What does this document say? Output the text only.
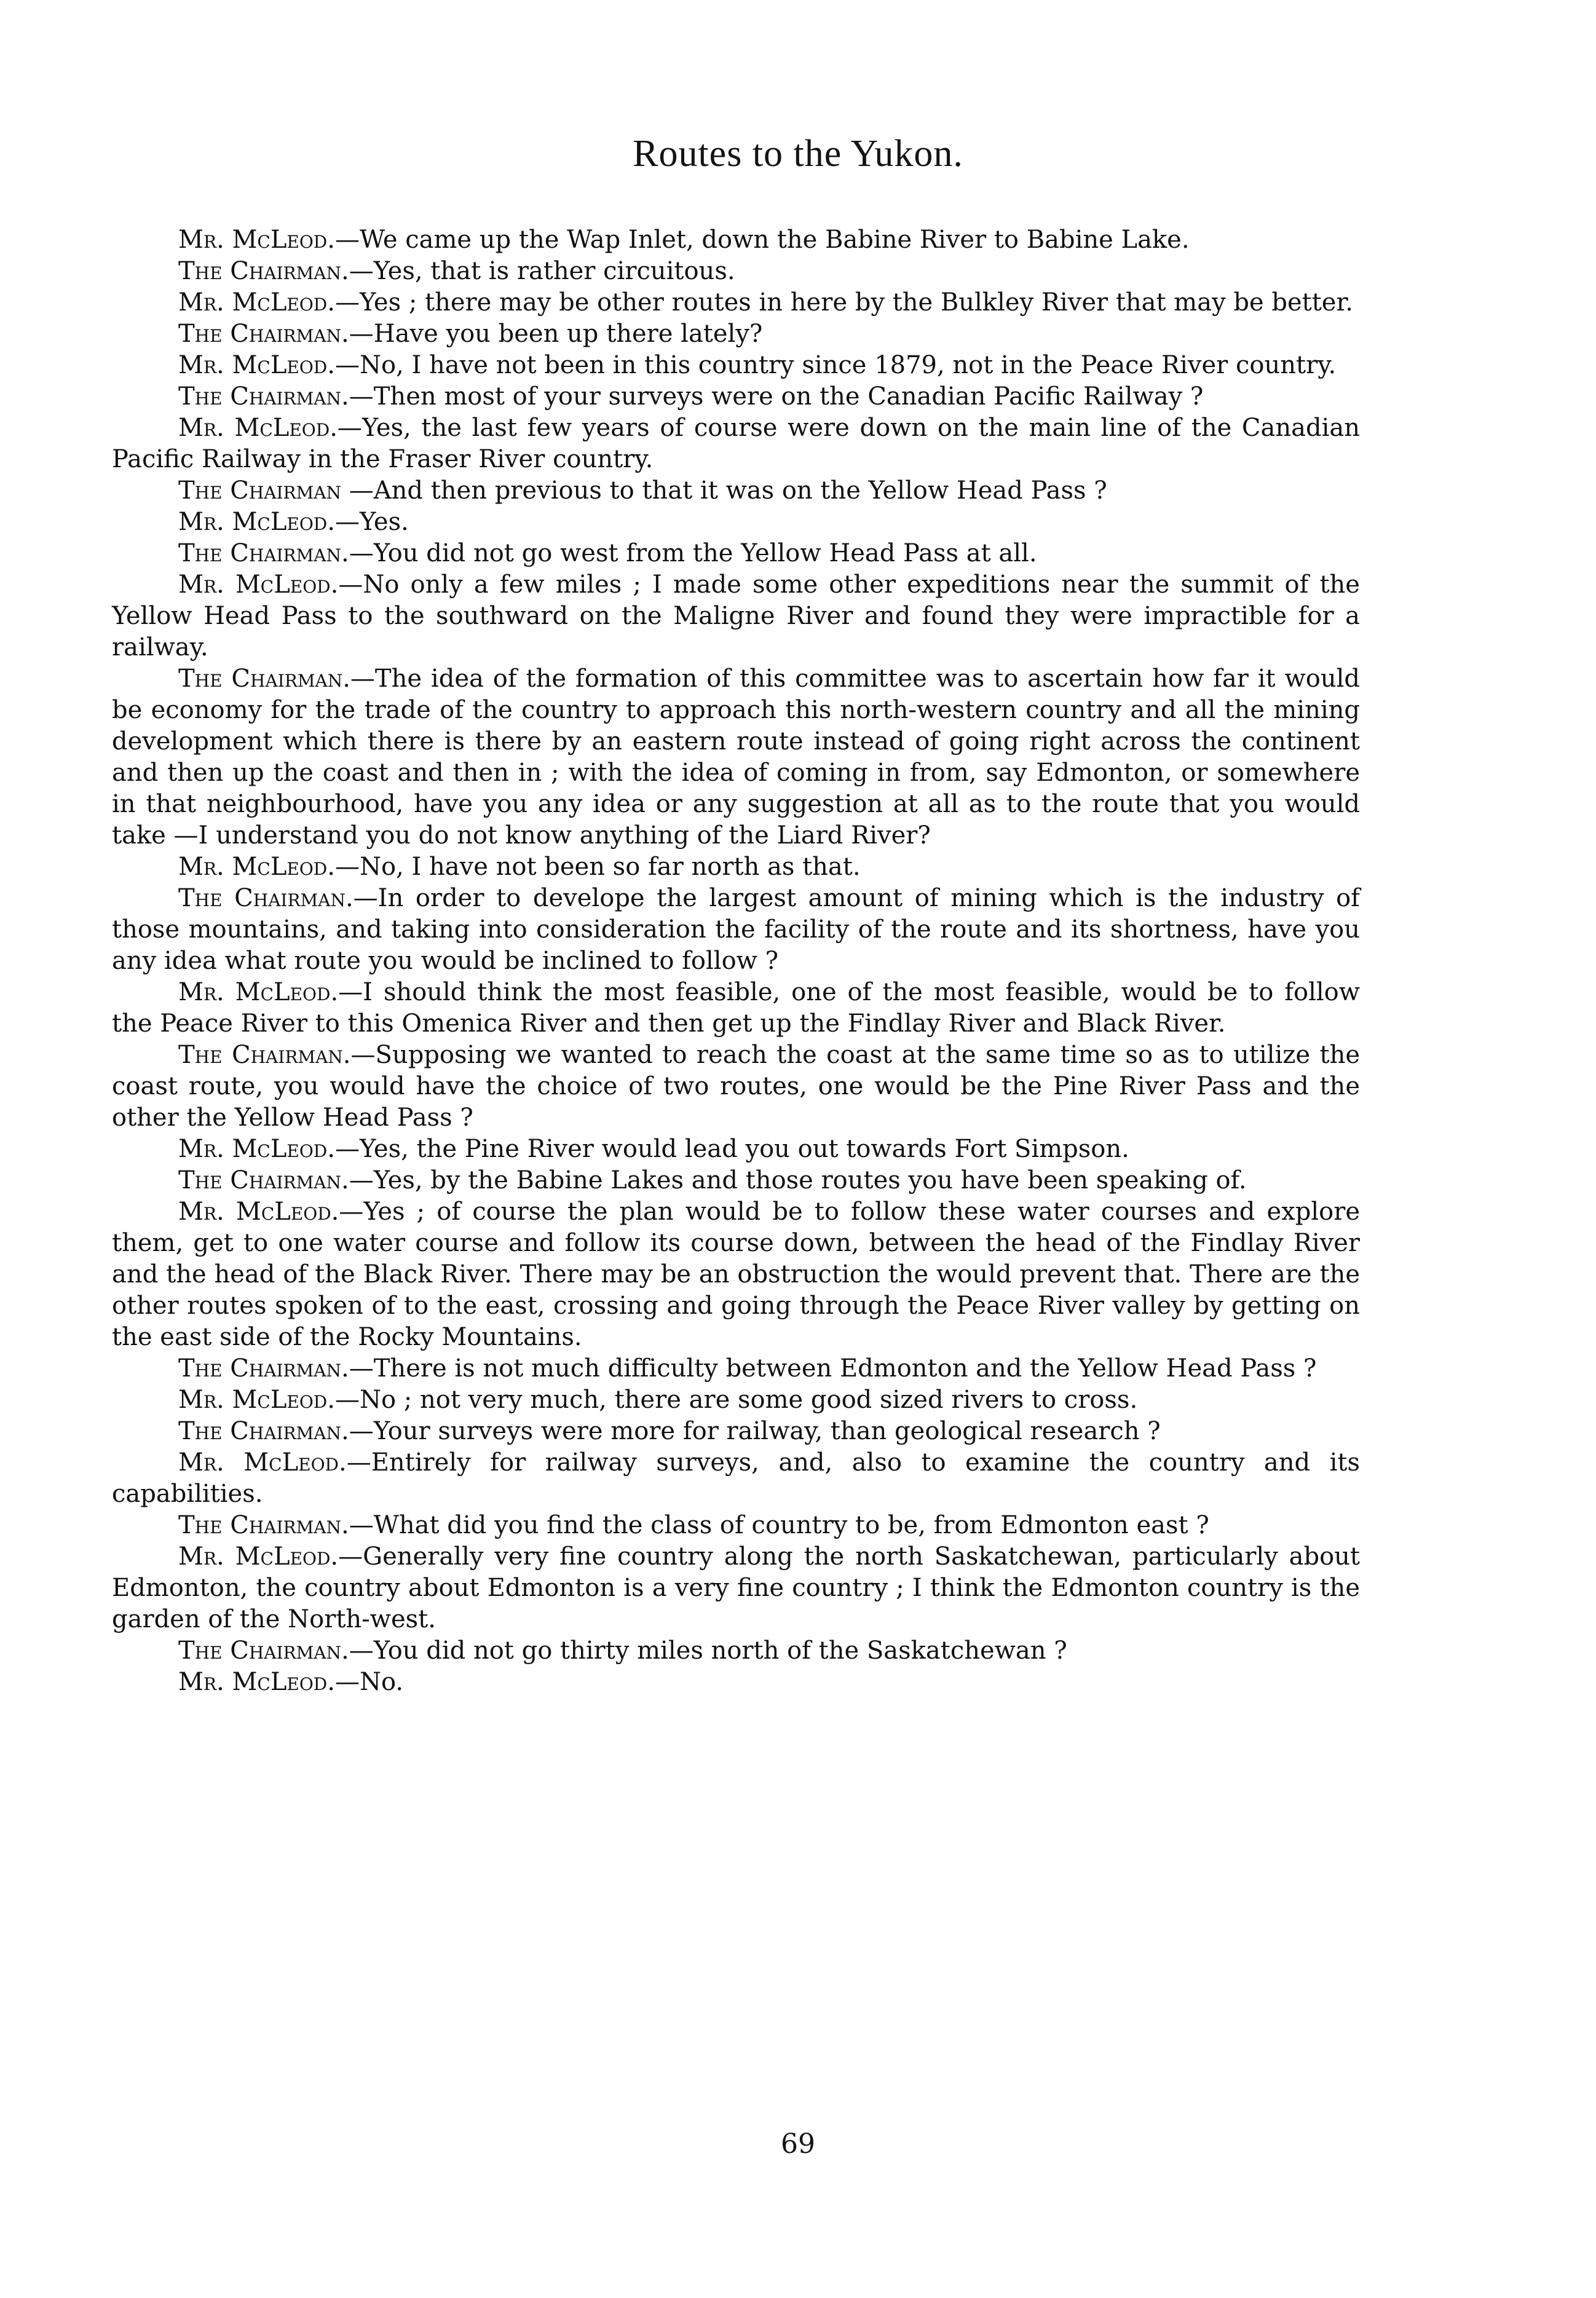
Routes to the Yukon.

Mr. McLeod.—We came up the Wap Inlet, down the Babine River to Babine Lake.

The Chairman.—Yes, that is rather circuitous.

Mr. McLeod.—Yes ; there may be other routes in here by the Bulkley River that may be better.

The Chairman.—Have you been up there lately?

Mr. McLeod.—No, I have not been in this country since 1879, not in the Peace River country.

The Chairman.—Then most of your surveys were on the Canadian Pacific Railway ?

Mr. McLeod.—Yes, the last few years of course were down on the main line of the Canadian Pacific Railway in the Fraser River country.

The Chairman —And then previous to that it was on the Yellow Head Pass ?

Mr. McLeod.—Yes.

The Chairman.—You did not go west from the Yellow Head Pass at all.

Mr. McLeod.—No only a few miles ; I made some other expeditions near the summit of the Yellow Head Pass to the southward on the Maligne River and found they were impractible for a railway.

The Chairman.—The idea of the formation of this committee was to ascertain how far it would be economy for the trade of the country to approach this north-western country and all the mining development which there is there by an eastern route instead of going right across the continent and then up the coast and then in ; with the idea of coming in from, say Edmonton, or somewhere in that neighbourhood, have you any idea or any suggestion at all as to the route that you would take —I understand you do not know anything of the Liard River?

Mr. McLeod.—No, I have not been so far north as that.

The Chairman.—In order to develope the largest amount of mining which is the industry of those mountains, and taking into consideration the facility of the route and its shortness, have you any idea what route you would be inclined to follow ?

Mr. McLeod.—I should think the most feasible, one of the most feasible, would be to follow the Peace River to this Omenica River and then get up the Findlay River and Black River.

The Chairman.—Supposing we wanted to reach the coast at the same time so as to utilize the coast route, you would have the choice of two routes, one would be the Pine River Pass and the other the Yellow Head Pass ?

Mr. McLeod.—Yes, the Pine River would lead you out towards Fort Simpson.

The Chairman.—Yes, by the Babine Lakes and those routes you have been speaking of.

Mr. McLeod.—Yes ; of course the plan would be to follow these water courses and explore them, get to one water course and follow its course down, between the head of the Findlay River and the head of the Black River. There may be an obstruction the would prevent that. There are the other routes spoken of to the east, crossing and going through the Peace River valley by getting on the east side of the Rocky Mountains.

The Chairman.—There is not much difficulty between Edmonton and the Yellow Head Pass ?

Mr. McLeod.—No ; not very much, there are some good sized rivers to cross.

The Chairman.—Your surveys were more for railway, than geological research ?

Mr. McLeod.—Entirely for railway surveys, and, also to examine the country and its capabilities.

The Chairman.—What did you find the class of country to be, from Edmonton east ?

Mr. McLeod.—Generally very fine country along the north Saskatchewan, particularly about Edmonton, the country about Edmonton is a very fine country ; I think the Edmonton country is the garden of the North-west.

The Chairman.—You did not go thirty miles north of the Saskatchewan ?

Mr. McLeod.—No.

69
